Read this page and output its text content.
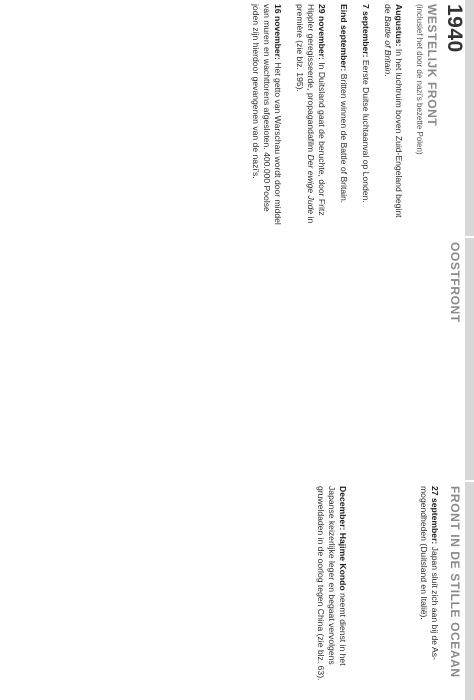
1940
WESTELIJK FRONT
(inclusief het door de nazi’s bezette Polen)

Augustus: In het luchtruim boven Zuid-Engeland begint de Battle of Britain.

7 september: Eerste Duitse luchtaanval op Londen.

Eind september: Britten winnen de Battle of Britain.

29 november: In Duitsland gaat de beruchte, door Fritz Hippler geregisseerde, propagandafilm Der ewige Jude in première (zie blz. 195).

16 november: Het getto van Warschau wordt door middel van muren en wachttorens afgesloten. 400.000 Poolse joden zijn hierdoor gevangenen van de nazi’s.

OOSTFRONT
FRONT IN DE STILLE OCEAAN

27 september: Japan sluit zich aan bij de As-mogendheden (Duitsland en Italië).

December: Hajime Kondo neemt dienst in het Japanse keizerlijke leger en begaat vervolgens gruweldaden in de oorlog tegen China (zie blz. 63).
